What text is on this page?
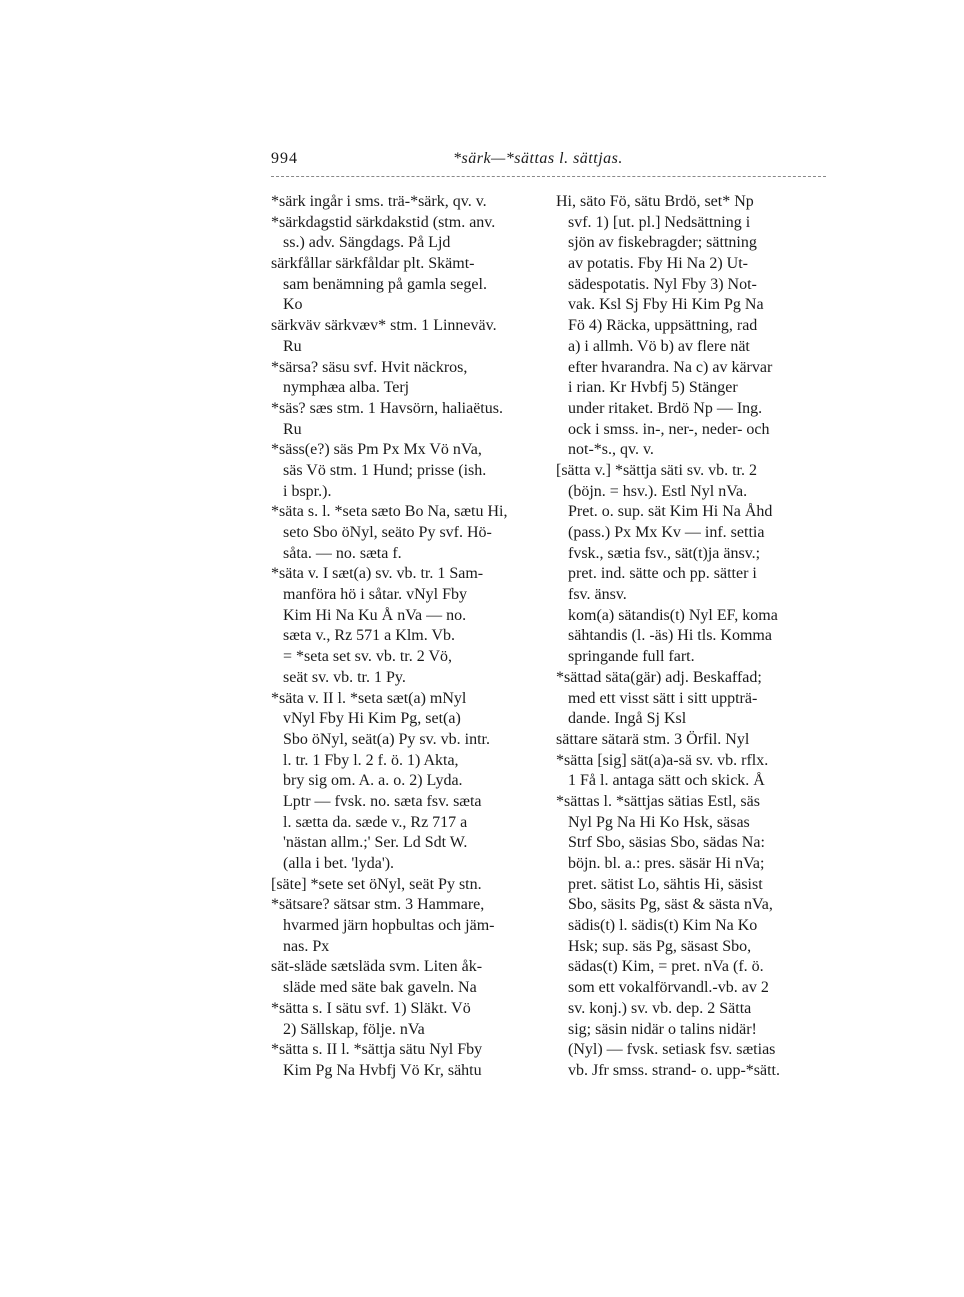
994	*särk—*sättas l. sättjas.
*särk ingår i sms. trä-*särk, qv. v.
*särkdagstid särkdakstid (stm. anv.
ss.) adv. Sängdags. På Ljd
särkfållar särkfåldar plt. Skämt-
sam benämning på gamla segel.
Ko
särkväv särkvæv* stm. 1 Linneväv.
Ru
*särsa? säsu svf. Hvit näckros,
nymphæa alba. Terj
*säs? sæs stm. 1 Havsörn, haliaëtus.
Ru
*säss(e?) säs Pm Px Mx Vö nVa,
säs Vö stm. 1 Hund; prisse (ish.
i bspr.).
*säta s. l. *seta sæto Bo Na, sætu Hi,
seto Sbo öNyl, seäto Py svf. Hö-
såta. — no. sæta f.
*säta v. I sæt(a) sv. vb. tr. 1 Sam-
manföra hö i såtar. vNyl Fby
Kim Hi Na Ku Å nVa — no.
sæta v., Rz 571 a Klm. Vb.
= *seta set sv. vb. tr. 2 Vö,
seät sv. vb. tr. 1 Py.
*säta v. II l. *seta sæt(a) mNyl
vNyl Fby Hi Kim Pg, set(a)
Sbo öNyl, seät(a) Py sv. vb. intr.
l. tr. 1 Fby l. 2 f. ö. 1) Akta,
bry sig om. A. a. o. 2) Lyda.
Lptr — fvsk. no. sæta fsv. sæta
l. sætta da. sæde v., Rz 717 a
'nästan allm.;' Ser. Ld Sdt W.
(alla i bet. 'lyda').
[säte] *sete set öNyl, seät Py stn.
*sätsare? sätsar stm. 3 Hammare,
hvarmed järn hopbultas och jäm-
nas. Px
sät-släde sætsläda svm. Liten åk-
släde med säte bak gaveln. Na
*sätta s. I sätu svf. 1) Släkt. Vö
2) Sällskap, följe. nVa
*sätta s. II l. *sättja sätu Nyl Fby
Kim Pg Na Hvbfj Vö Kr, sähtu
Hi, säto Fö, sätu Brdö, set* Np
svf. 1) [ut. pl.] Nedsättning i
sjön av fiskebragder; sättning
av potatis. Fby Hi Na 2) Ut-
sädespotatis. Nyl Fby 3) Not-
vak. Ksl Sj Fby Hi Kim Pg Na
Fö 4) Räcka, uppsättning, rad
a) i allmh. Vö b) av flere nät
efter hvarandra. Na c) av kärvar
i rian. Kr Hvbfj 5) Stänger
under ritaket. Brdö Np — Ing.
ock i smss. in-, ner-, neder- och
not-*s., qv. v.
[sätta v.] *sättja säti sv. vb. tr. 2
(böjn. = hsv.). Estl Nyl nVa.
Pret. o. sup. sät Kim Hi Na Åhd
(pass.) Px Mx Kv — inf. settia
fvsk., sætia fsv., sät(t)ja änsv.;
pret. ind. sätte och pp. sätter i
fsv. änsv.
kom(a) sätandis(t) Nyl EF, koma
sähtandis (l. -äs) Hi tls. Komma
springande full fart.
*sättad säta(gär) adj. Beskaffad;
med ett visst sätt i sitt uppträ-
dande. Ingå Sj Ksl
sättare sätarä stm. 3 Örfil. Nyl
*sätta [sig] sät(a)a-sä sv. vb. rflx.
1 Få l. antaga sätt och skick. Å
*sättas l. *sättjas sätias Estl, säs
Nyl Pg Na Hi Ko Hsk, säsas
Strf Sbo, säsias Sbo, sädas Na:
böjn. bl. a.: pres. säsär Hi nVa;
pret. sätist Lo, sähtis Hi, säsist
Sbo, säsits Pg, säst & sästa nVa,
sädis(t) l. sädis(t) Kim Na Ko
Hsk; sup. säs Pg, säsast Sbo,
sädas(t) Kim, = pret. nVa (f. ö.
som ett vokalförvandl.-vb. av 2
sv. konj.) sv. vb. dep. 2 Sätta
sig; säsin nidär o talins nidär!
(Nyl) — fvsk. setiask fsv. sætias
vb. Jfr smss. strand- o. upp-*sätt.
